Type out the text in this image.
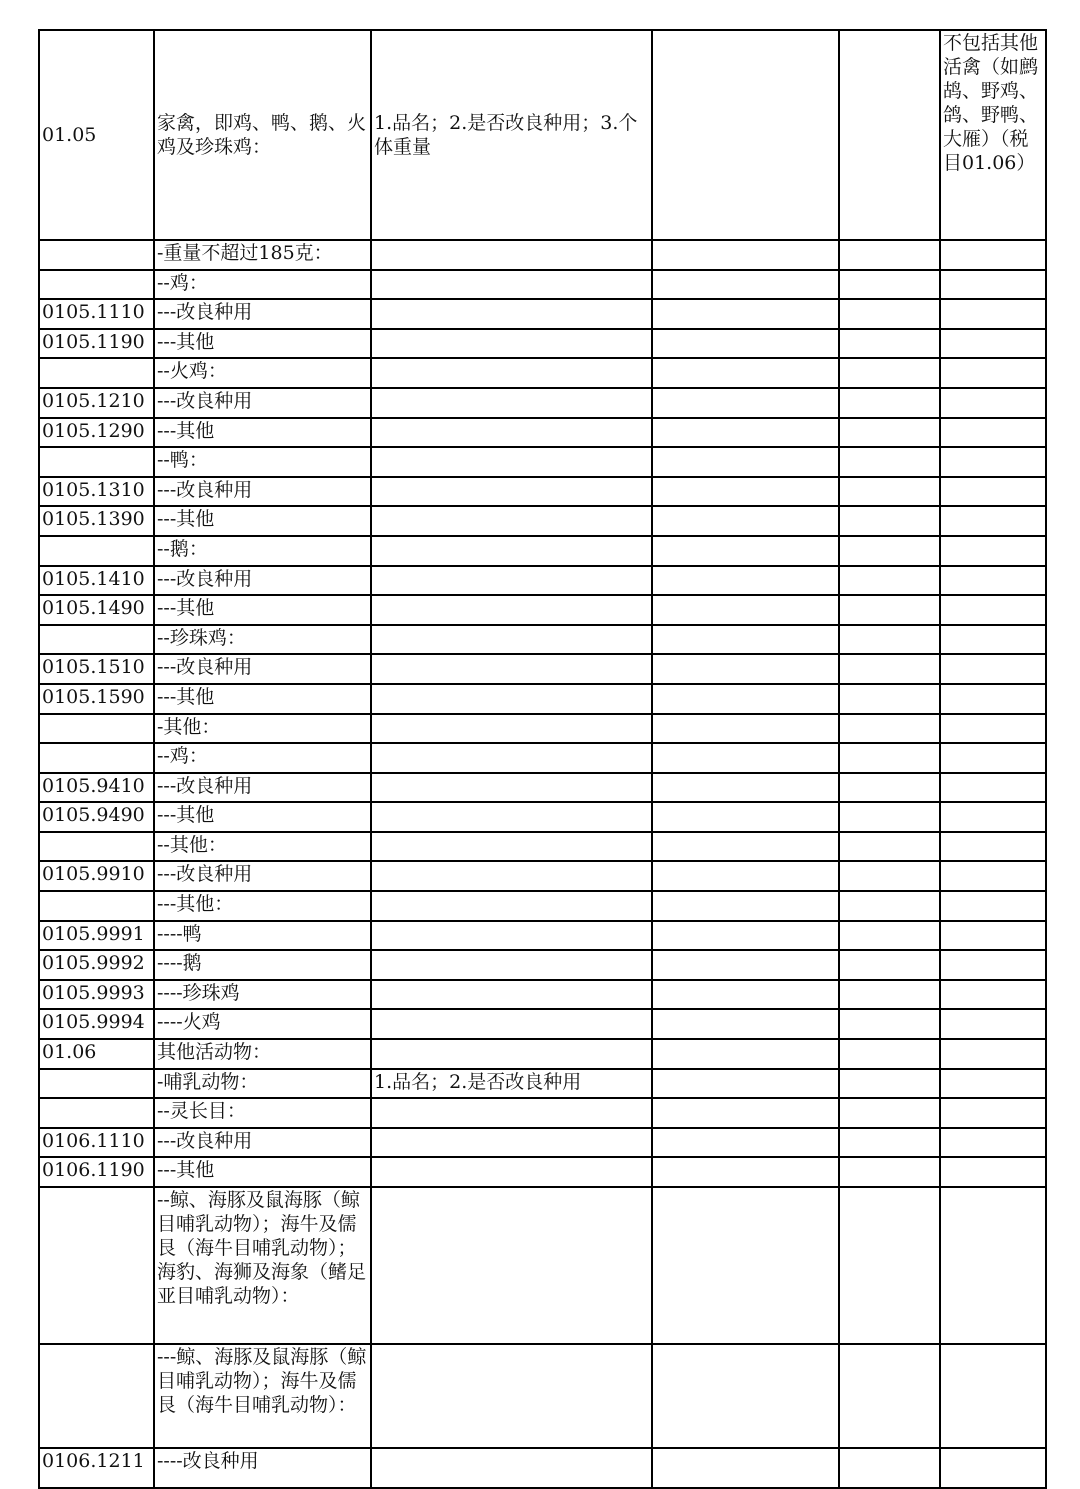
01.05	家禽，即鸡、鸭、鹅、火鸡及珍珠鸡：	1.品名；2.是否改良种用；3.个体重量			不包括其他活禽（如鹧鸪、野鸡、鸽、野鸭、大雁）（税目01.06）
	-重量不超过185克：				
	--鸡：				
0105.1110	---改良种用				
0105.1190	---其他				
	--火鸡：				
0105.1210	---改良种用				
0105.1290	---其他				
	--鸭：				
0105.1310	---改良种用				
0105.1390	---其他				
	--鹅：				
0105.1410	---改良种用				
0105.1490	---其他				
	--珍珠鸡：				
0105.1510	---改良种用				
0105.1590	---其他				
	-其他：				
	--鸡：				
0105.9410	---改良种用				
0105.9490	---其他				
	--其他：				
0105.9910	---改良种用				
	---其他：				
0105.9991	----鸭				
0105.9992	----鹅				
0105.9993	----珍珠鸡				
0105.9994	----火鸡				
01.06	其他活动物：				
	-哺乳动物：	1.品名；2.是否改良种用			
	--灵长目：				
0106.1110	---改良种用				
0106.1190	---其他				
	--鲸、海豚及鼠海豚（鲸目哺乳动物）；海牛及儒艮（海牛目哺乳动物）；海豹、海狮及海象（鳍足亚目哺乳动物）：				
	---鲸、海豚及鼠海豚（鲸目哺乳动物）；海牛及儒艮（海牛目哺乳动物）：				
0106.1211	----改良种用				
